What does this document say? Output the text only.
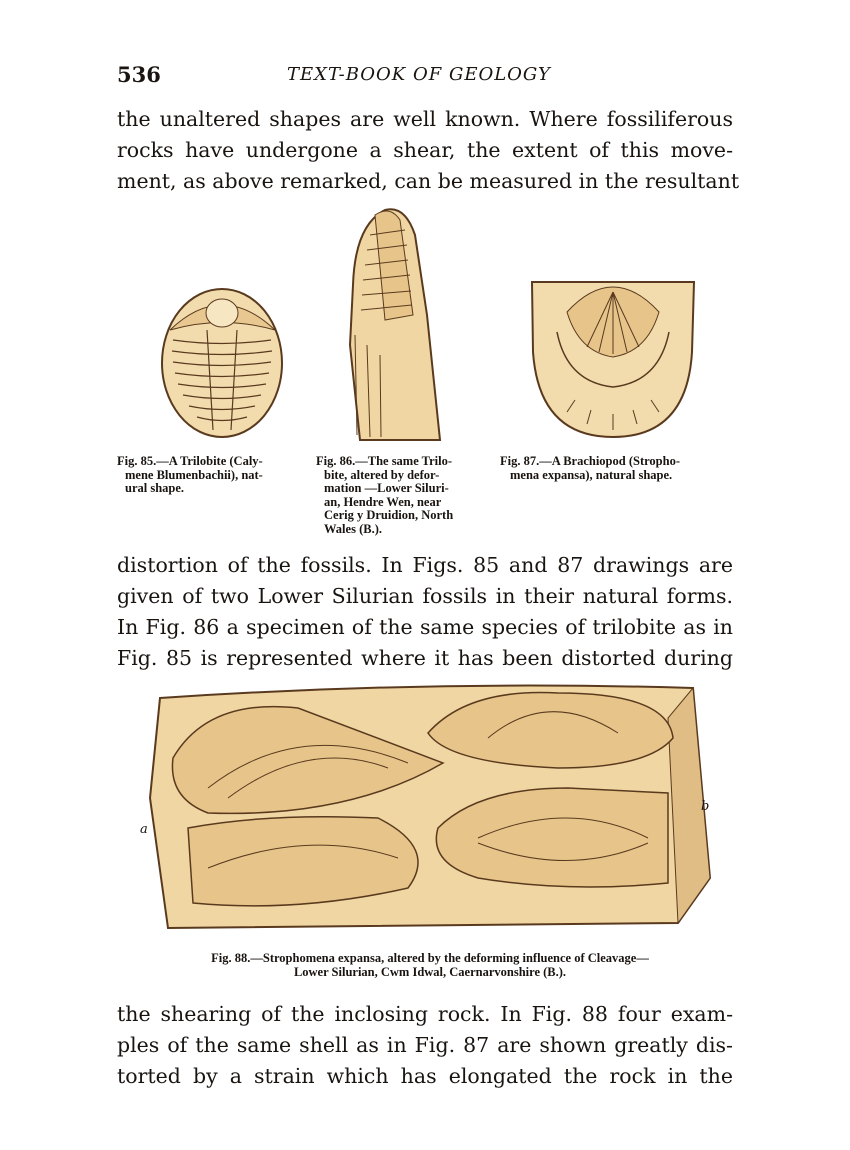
536	TEXT-BOOK OF GEOLOGY
the unaltered shapes are well known. Where fossiliferous
rocks have undergone a shear, the extent of this move-
ment, as above remarked, can be measured in the resultant
Fig. 85.—A Trilobite (Caly-
mene Blumenbachii), nat-
ural shape.
Fig. 86.—The same Trilo-
bite, altered by defor-
mation —Lower Siluri-
an, Hendre Wen, near
Cerig y Druidion, North
Wales (B.).
Fig. 87.—A Brachiopod (Stropho-
mena expansa), natural shape.
distortion of the fossils. In Figs. 85 and 87 drawings are
given of two Lower Silurian fossils in their natural forms.
In Fig. 86 a specimen of the same species of trilobite as in
Fig. 85 is represented where it has been distorted during
a
b
Fig. 88.—Strophomena expansa, altered by the deforming influence of Cleavage—
Lower Silurian, Cwm Idwal, Caernarvonshire (B.).
the shearing of the inclosing rock. In Fig. 88 four exam-
ples of the same shell as in Fig. 87 are shown greatly dis-
torted by a strain which has elongated the rock in the
